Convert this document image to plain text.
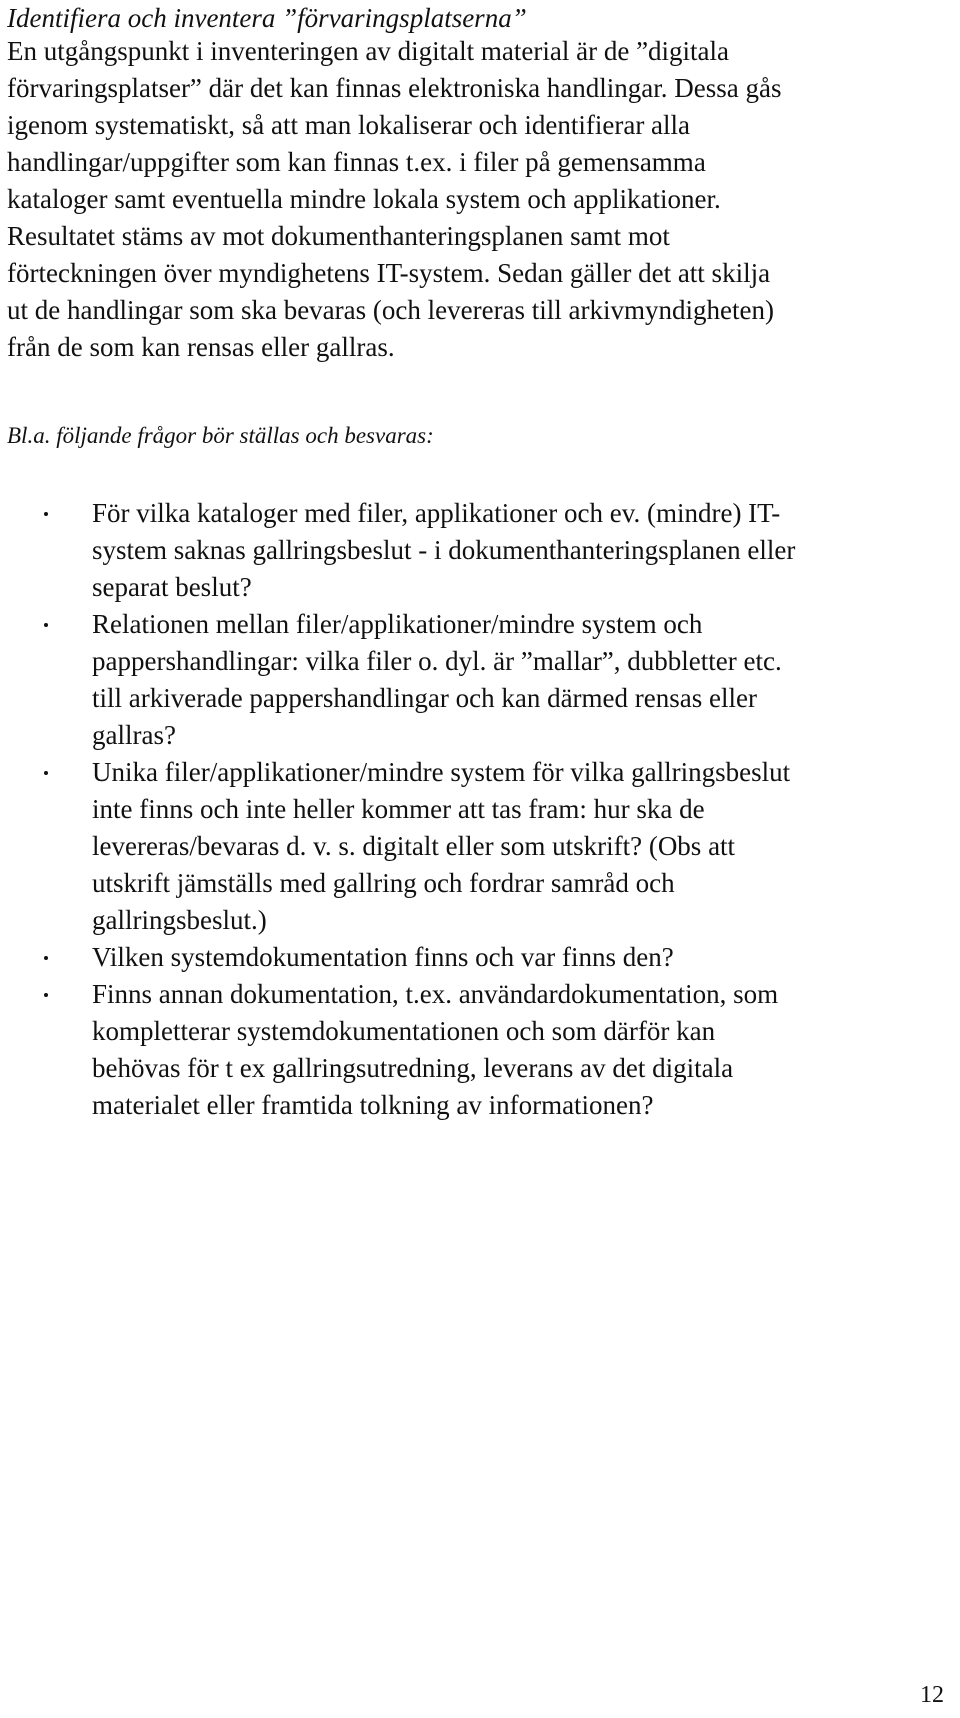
Identifiera och inventera ”förvaringsplatserna”
En utgångspunkt i inventeringen av digitalt material är de ”digitala
förvaringsplatser” där det kan finnas elektroniska handlingar. Dessa gås
igenom systematiskt, så att man lokaliserar och identifierar alla
handlingar/uppgifter som kan finnas t.ex. i filer på gemensamma
kataloger samt eventuella mindre lokala system och applikationer.
Resultatet stäms av mot dokumenthanteringsplanen samt mot
förteckningen över myndighetens IT-system. Sedan gäller det att skilja
ut de handlingar som ska bevaras (och levereras till arkivmyndigheten)
från de som kan rensas eller gallras.
Bl.a. följande frågor bör ställas och besvaras:
För vilka kataloger med filer, applikationer och ev. (mindre) IT-
system saknas gallringsbeslut - i dokumenthanteringsplanen eller
separat beslut?
Relationen mellan filer/applikationer/mindre system och
pappershandlingar: vilka filer o. dyl. är ”mallar”, dubbletter etc.
till arkiverade pappershandlingar och kan därmed rensas eller
gallras?
Unika filer/applikationer/mindre system för vilka gallringsbeslut
inte finns och inte heller kommer att tas fram: hur ska de
levereras/bevaras d. v. s. digitalt eller som utskrift? (Obs att
utskrift jämställs med gallring och fordrar samråd och
gallringsbeslut.)
Vilken systemdokumentation finns och var finns den?
Finns annan dokumentation, t.ex. användardokumentation, som
kompletterar systemdokumentationen och som därför kan
behövas för t ex gallringsutredning, leverans av det digitala
materialet eller framtida tolkning av informationen?
12
